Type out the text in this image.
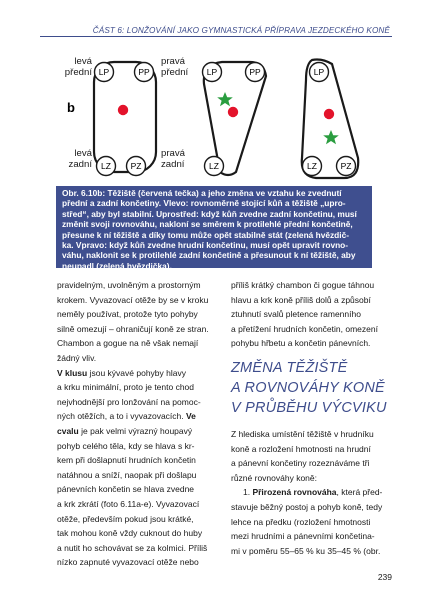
ČÁST 6: LONŽOVÁNÍ JAKO GYMNASTICKÁ PŘÍPRAVA JEZDECKÉHO KONĚ
LP	PP
LZ PZ
LP	PP
LZ
LP
LZ	PZ
b
levá
přední
pravá
přední
levá
zadní
pravá
zadní
Obr. 6.10b: Těžiště (červená tečka) a jeho změna ve vztahu ke zvednutí
přední a zadní končetiny. Vlevo: rovnoměrně stojící kůň a těžiště „upro-
střed“, aby byl stabilní. Uprostřed: když kůň zvedne zadní končetinu, musí
změnit svoji rovnováhu, nakloní se směrem k protilehlé přední končetině,
přesune k ní těžiště a díky tomu může opět stabilně stát (zelená hvězdič-
ka. Vpravo: když kůň zvedne hrudní končetinu, musí opět upravit rovno-
váhu, naklonit se k protilehlé zadní končetině a přesunout k ní těžiště, aby
neupadl (zelená hvězdička).
pravidelným, uvolněným a prostorným
krokem. Vyvazovací otěže by se v kroku
neměly používat, protože tyto pohyby
silně omezují – ohraničují koně ze stran.
Chambon a gogue na ně však nemají
žádný vliv.
V klusu jsou kývavé pohyby hlavy
a krku minimální, proto je tento chod
nejvhodnější pro lonžování na pomoc-
ných otěžích, a to i vyvazovacích. Ve
cvalu je pak velmi výrazný houpavý
pohyb celého těla, kdy se hlava s kr-
kem při došlapnutí hrudních končetin
natáhnou a sníží, naopak při došlapu
pánevních končetin se hlava zvedne
a krk zkrátí (foto 6.11a-e). Vyvazovací
otěže, především pokud jsou krátké,
tak mohou koně vždy cuknout do huby
a nutit ho schovávat se za kolmici. Příliš
nízko zapnuté vyvazovací otěže nebo
příliš krátký chambon či gogue táhnou
hlavu a krk koně příliš dolů a způsobí
ztuhnutí svalů pletence ramenního
a přetížení hrudních končetin, omezení
pohybu hřbetu a končetin pánevních.
ZMĚNA TĚŽIŠTĚ
A ROVNOVÁHY KONĚ
V PRŮBĚHU VÝCVIKU
Z hlediska umístění těžiště v hrudníku
koně a rozložení hmotnosti na hrudní
a pánevní končetiny rozeznáváme tři
různé rovnováhy koně:
1. Přirozená rovnováha, která před-
stavuje běžný postoj a pohyb koně, tedy
lehce na předku (rozložení hmotnosti
mezi hrudními a pánevními končetina-
mi v poměru 55–65 % ku 35–45 % (obr.
239
